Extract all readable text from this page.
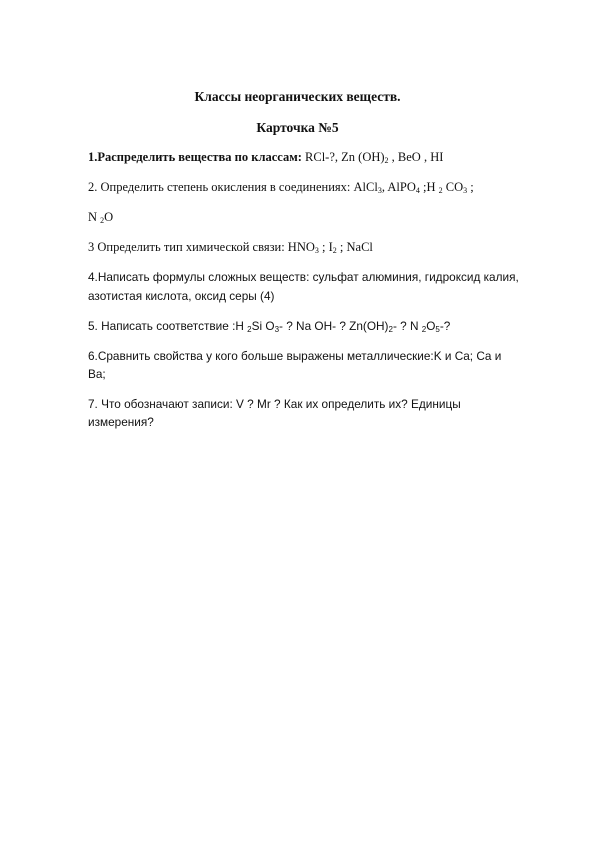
Классы неорганических веществ.
Карточка №5
1.Распределить вещества по классам: RCl-?, Zn $(OH)_2$ , BeO , HI
2. Определить степень окисления в соединениях: AlCl$_3$, AlPO$_4$ ;H $_2$ $CO_3$ ;
N $_2$O
3 Определить тип химической связи: $HNO_3$ ; $I_2$ ; NaCl
4.Написать формулы сложных веществ: сульфат алюминия, гидроксид калия,
азотистая кислота, оксид серы (4)
5. Написать соответствие :H $_2$Si $O_3-$ ? Na OH- ? $Zn(OH)_2-$ ? N $_2O_5-$?
6.Сравнить свойства у кого больше выражены металлические:K и Ca; Ca и
Ba;
7. Что обозначают записи: V ? Mr ? Как их определить их? Единицы
измерения?
